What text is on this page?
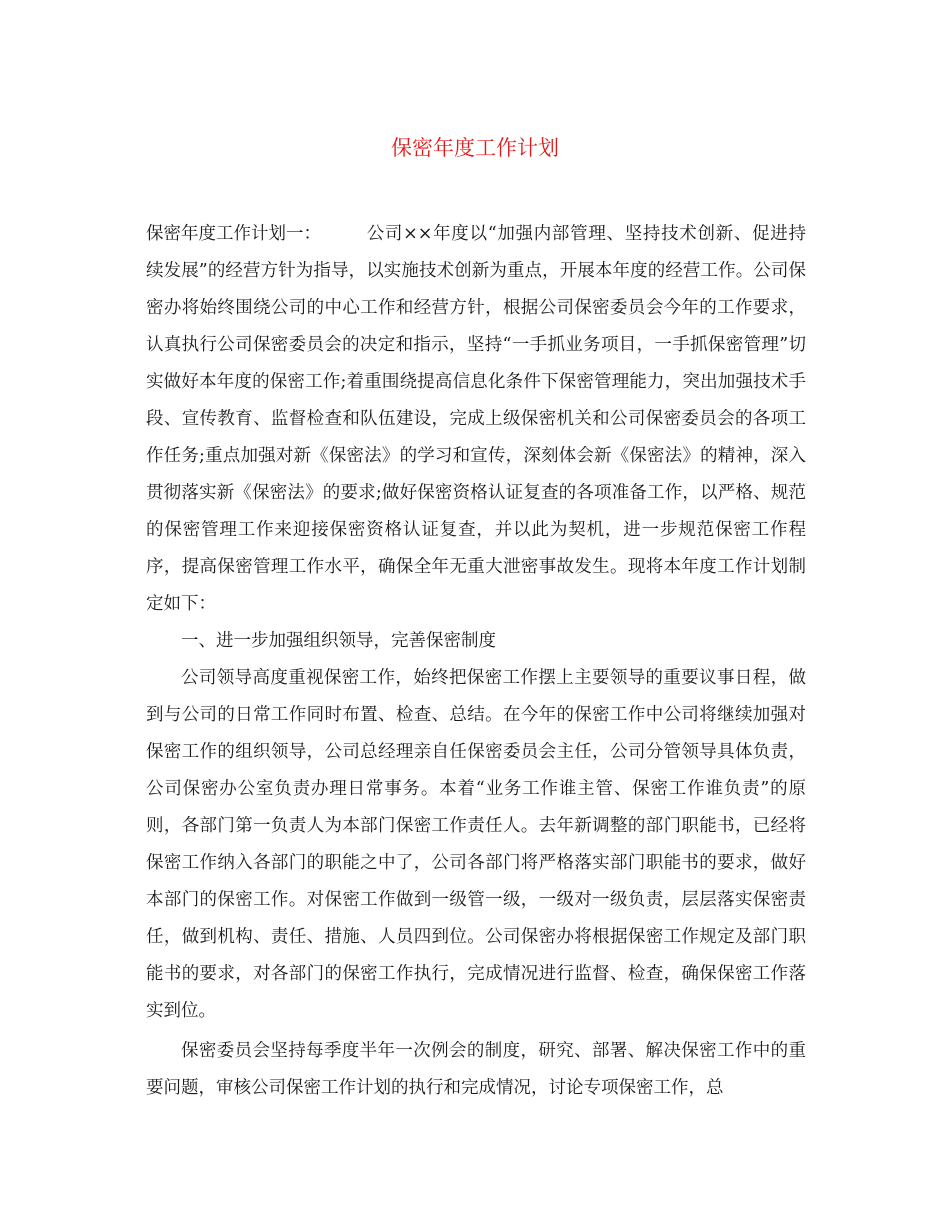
保密年度工作计划

保密年度工作计划一：	公司××年度以“加强内部管理、坚持技术创新、促进持续发展”的经营方针为指导，以实施技术创新为重点，开展本年度的经营工作。公司保密办将始终围绕公司的中心工作和经营方针，根据公司保密委员会今年的工作要求，认真执行公司保密委员会的决定和指示，坚持“一手抓业务项目，一手抓保密管理”切实做好本年度的保密工作;着重围绕提高信息化条件下保密管理能力，突出加强技术手段、宣传教育、监督检查和队伍建设，完成上级保密机关和公司保密委员会的各项工作任务;重点加强对新《保密法》的学习和宣传，深刻体会新《保密法》的精神，深入贯彻落实新《保密法》的要求;做好保密资格认证复查的各项准备工作，以严格、规范的保密管理工作来迎接保密资格认证复查，并以此为契机，进一步规范保密工作程序，提高保密管理工作水平，确保全年无重大泄密事故发生。现将本年度工作计划制定如下：

一、进一步加强组织领导，完善保密制度

公司领导高度重视保密工作，始终把保密工作摆上主要领导的重要议事日程，做到与公司的日常工作同时布置、检查、总结。在今年的保密工作中公司将继续加强对保密工作的组织领导，公司总经理亲自任保密委员会主任，公司分管领导具体负责，公司保密办公室负责办理日常事务。本着“业务工作谁主管、保密工作谁负责”的原则，各部门第一负责人为本部门保密工作责任人。去年新调整的部门职能书，已经将保密工作纳入各部门的职能之中了，公司各部门将严格落实部门职能书的要求，做好本部门的保密工作。对保密工作做到一级管一级，一级对一级负责，层层落实保密责任，做到机构、责任、措施、人员四到位。公司保密办将根据保密工作规定及部门职能书的要求，对各部门的保密工作执行，完成情况进行监督、检查，确保保密工作落实到位。

保密委员会坚持每季度半年一次例会的制度，研究、部署、解决保密工作中的重要问题，审核公司保密工作计划的执行和完成情况，讨论专项保密工作，总
